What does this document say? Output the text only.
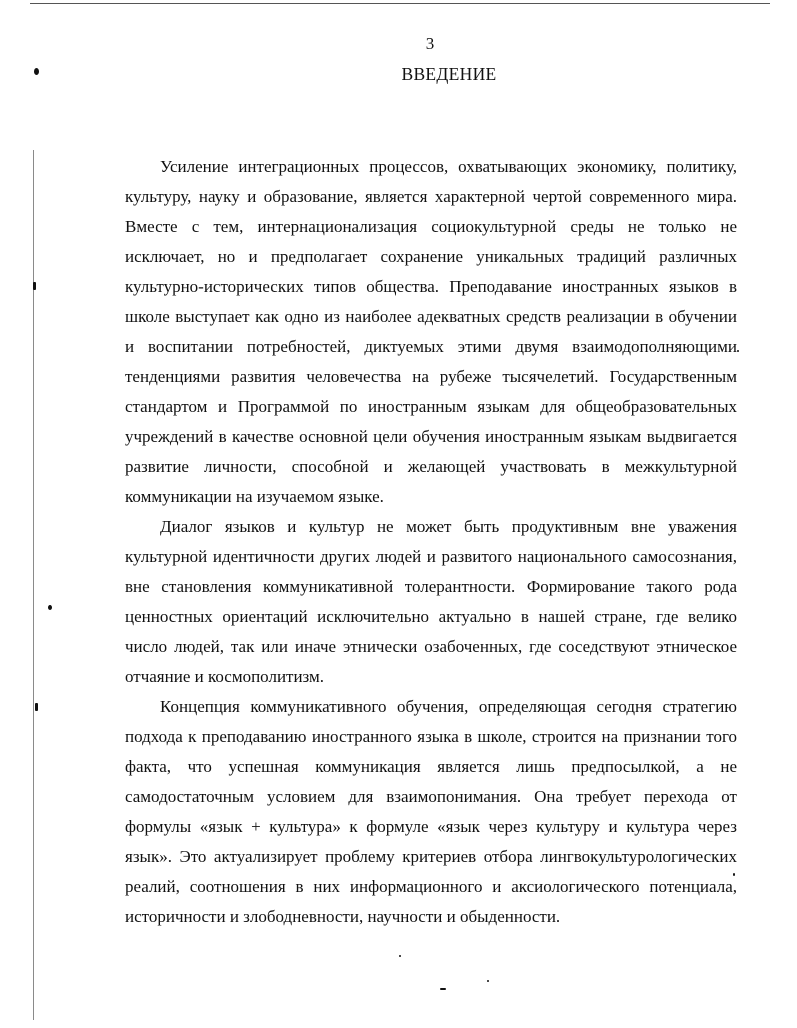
3
ВВЕДЕНИЕ

Усиление интеграционных процессов, охватывающих экономику, политику, культуру, науку и образование, является характерной чертой современного мира. Вместе с тем, интернационализация социокультурной среды не только не исключает, но и предполагает сохранение уникальных традиций различных культурно-исторических типов общества. Преподавание иностранных языков в школе выступает как одно из наиболее адекватных средств реализации в обучении и воспитании потребностей, диктуемых этими двумя взаимодополняющими тенденциями развития человечества на рубеже тысячелетий. Государственным стандартом и Программой по иностранным языкам для общеобразовательных учреждений в качестве основной цели обучения иностранным языкам выдвигается развитие личности, способной и желающей участвовать в межкультурной коммуникации на изучаемом языке.

Диалог языков и культур не может быть продуктивным вне уважения культурной идентичности других людей и развитого национального самосознания, вне становления коммуникативной толерантности. Формирование такого рода ценностных ориентаций исключительно актуально в нашей стране, где велико число людей, так или иначе этнически озабоченных, где соседствуют этническое отчаяние и космополитизм.

Концепция коммуникативного обучения, определяющая сегодня стратегию подхода к преподаванию иностранного языка в школе, строится на признании того факта, что успешная коммуникация является лишь предпосылкой, а не самодостаточным условием для взаимопонимания. Она требует перехода от формулы «язык + культура» к формуле «язык через культуру и культура через язык». Это актуализирует проблему критериев отбора лингвокультурологических реалий, соотношения в них информационного и аксиологического потенциала, историчности и злободневности, научности и обыденности.
